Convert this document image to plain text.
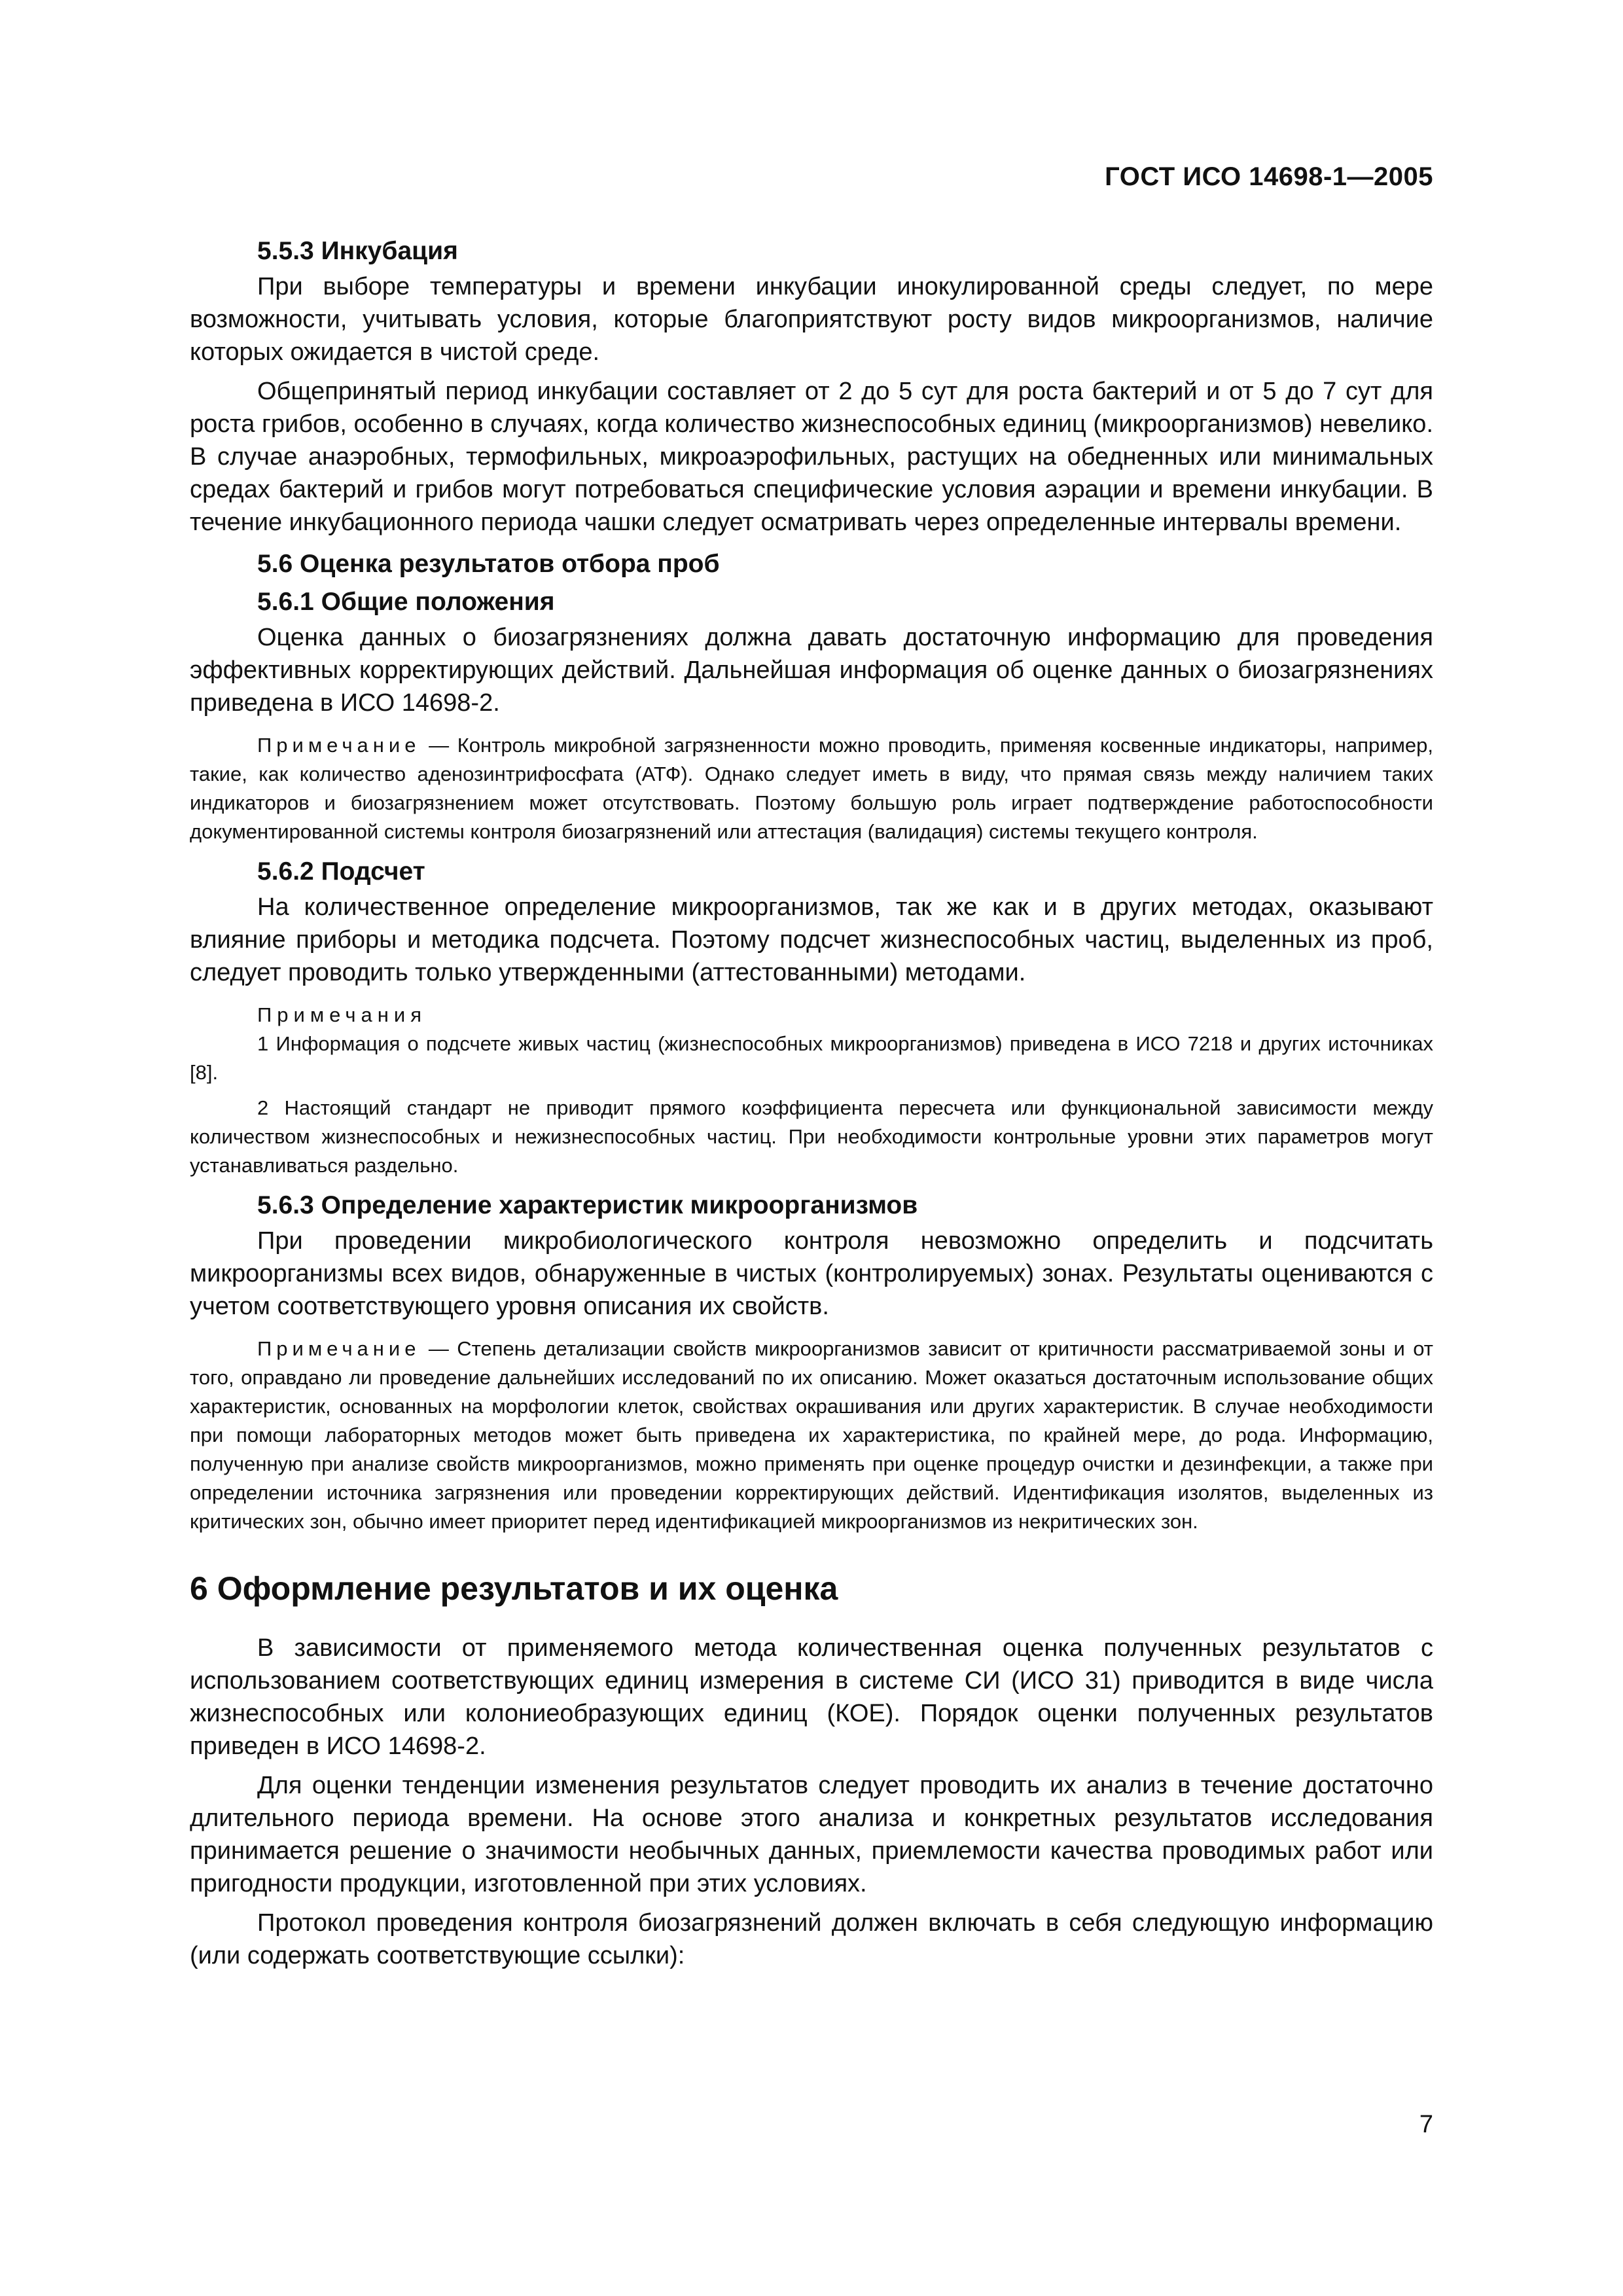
ГОСТ ИСО 14698-1—2005

5.5.3 Инкубация

При выборе температуры и времени инкубации инокулированной среды следует, по мере возможности, учитывать условия, которые благоприятствуют росту видов микроорганизмов, наличие которых ожидается в чистой среде.

Общепринятый период инкубации составляет от 2 до 5 сут для роста бактерий и от 5 до 7 сут для роста грибов, особенно в случаях, когда количество жизнеспособных единиц (микроорганизмов) невелико. В случае анаэробных, термофильных, микроаэрофильных, растущих на обедненных или минимальных средах бактерий и грибов могут потребоваться специфические условия аэрации и времени инкубации. В течение инкубационного периода чашки следует осматривать через определенные интервалы времени.

5.6 Оценка результатов отбора проб

5.6.1 Общие положения

Оценка данных о биозагрязнениях должна давать достаточную информацию для проведения эффективных корректирующих действий. Дальнейшая информация об оценке данных о биозагрязнениях приведена в ИСО 14698-2.

Примечание — Контроль микробной загрязненности можно проводить, применяя косвенные индикаторы, например, такие, как количество аденозинтрифосфата (АТФ). Однако следует иметь в виду, что прямая связь между наличием таких индикаторов и биозагрязнением может отсутствовать. Поэтому большую роль играет подтверждение работоспособности документированной системы контроля биозагрязнений или аттестация (валидация) системы текущего контроля.

5.6.2 Подсчет

На количественное определение микроорганизмов, так же как и в других методах, оказывают влияние приборы и методика подсчета. Поэтому подсчет жизнеспособных частиц, выделенных из проб, следует проводить только утвержденными (аттестованными) методами.

Примечания

1 Информация о подсчете живых частиц (жизнеспособных микроорганизмов) приведена в ИСО 7218 и других источниках [8].

2 Настоящий стандарт не приводит прямого коэффициента пересчета или функциональной зависимости между количеством жизнеспособных и нежизнеспособных частиц. При необходимости контрольные уровни этих параметров могут устанавливаться раздельно.

5.6.3 Определение характеристик микроорганизмов

При проведении микробиологического контроля невозможно определить и подсчитать микроорганизмы всех видов, обнаруженные в чистых (контролируемых) зонах. Результаты оцениваются с учетом соответствующего уровня описания их свойств.

Примечание — Степень детализации свойств микроорганизмов зависит от критичности рассматриваемой зоны и от того, оправдано ли проведение дальнейших исследований по их описанию. Может оказаться достаточным использование общих характеристик, основанных на морфологии клеток, свойствах окрашивания или других характеристик. В случае необходимости при помощи лабораторных методов может быть приведена их характеристика, по крайней мере, до рода. Информацию, полученную при анализе свойств микроорганизмов, можно применять при оценке процедур очистки и дезинфекции, а также при определении источника загрязнения или проведении корректирующих действий. Идентификация изолятов, выделенных из критических зон, обычно имеет приоритет перед идентификацией микроорганизмов из некритических зон.

6 Оформление результатов и их оценка

В зависимости от применяемого метода количественная оценка полученных результатов с использованием соответствующих единиц измерения в системе СИ (ИСО 31) приводится в виде числа жизнеспособных или колониеобразующих единиц (КОЕ). Порядок оценки полученных результатов приведен в ИСО 14698-2.

Для оценки тенденции изменения результатов следует проводить их анализ в течение достаточно длительного периода времени. На основе этого анализа и конкретных результатов исследования принимается решение о значимости необычных данных, приемлемости качества проводимых работ или пригодности продукции, изготовленной при этих условиях.

Протокол проведения контроля биозагрязнений должен включать в себя следующую информацию (или содержать соответствующие ссылки):

7
